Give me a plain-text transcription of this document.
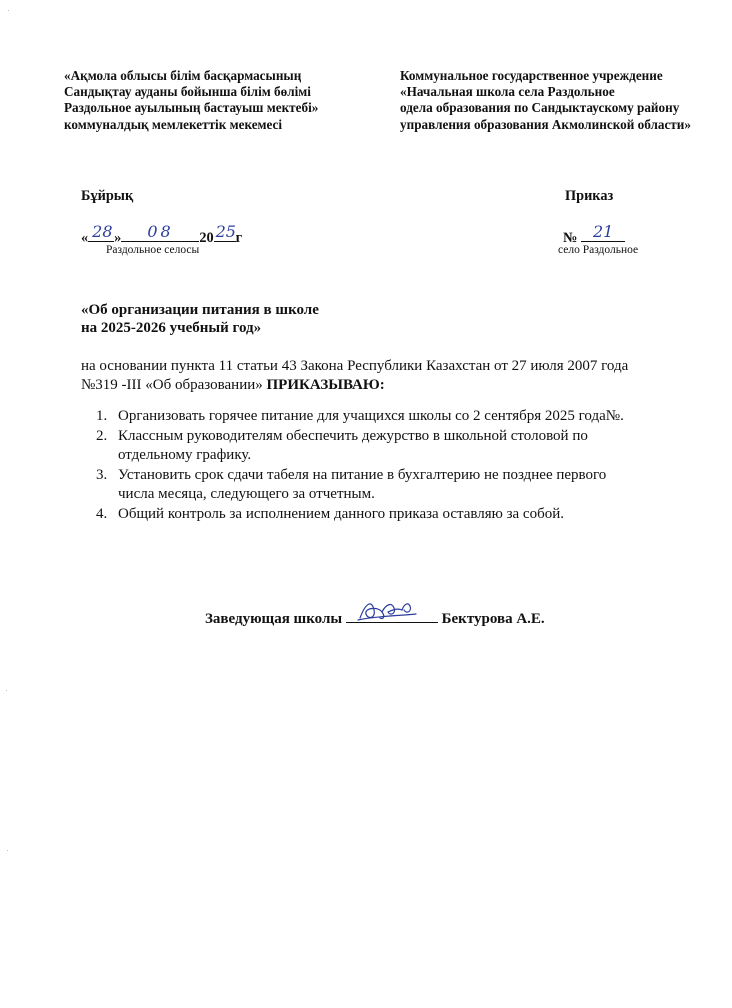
«Ақмола облысы білім басқармасының
Сандықтау ауданы бойынша білім бөлімі
Раздольное ауылының бастауыш мектебі»
коммуналдық мемлекеттік мекемесі
Коммунальное государственное учреждение
«Начальная школа села Раздольное
одела образования по Сандыктаускому району
управления образования Акмолинской области»
Бұйрық	Приказ
« 28 » 08 20 25 г
Раздольное селосы
№ 21
село Раздольное
«Об организации питания в школе
на 2025-2026 учебный год»
на основании пункта 11 статьи 43 Закона Республики Казахстан от 27 июля 2007 года
№319 -III «Об образовании» ПРИКАЗЫВАЮ:
1. Организовать горячее питание для учащихся школы со 2 сентября 2025 года№.
2. Классным руководителям обеспечить дежурство в школьной столовой по
отдельному графику.
3. Установить срок сдачи табеля на питание в бухгалтерию не позднее первого
числа месяца, следующего за отчетным.
4. Общий контроль за исполнением данного приказа оставляю за собой.
Заведующая школы	Бектурова А.Е.
